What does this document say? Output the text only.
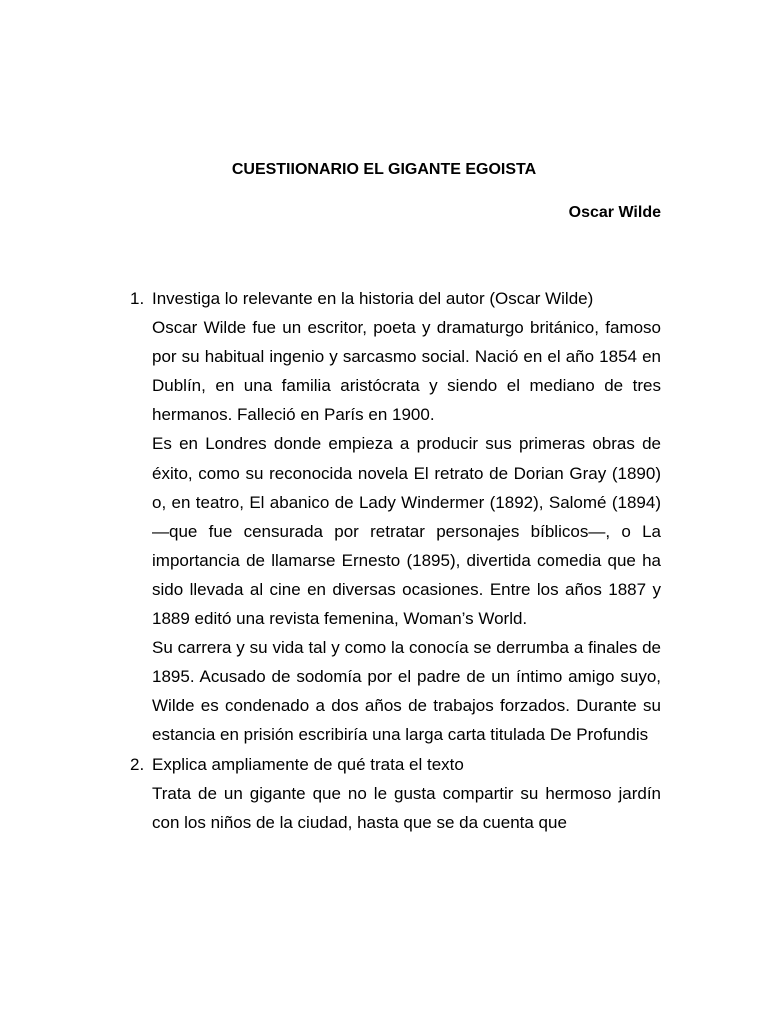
CUESTIIONARIO EL GIGANTE EGOISTA
Oscar Wilde
1. Investiga lo relevante en la historia del autor (Oscar Wilde)
Oscar Wilde fue un escritor, poeta y dramaturgo británico, famoso por su habitual ingenio y sarcasmo social. Nació en el año 1854 en Dublín, en una familia aristócrata y siendo el mediano de tres hermanos. Falleció en París en 1900.
Es en Londres donde empieza a producir sus primeras obras de éxito, como su reconocida novela El retrato de Dorian Gray (1890) o, en teatro, El abanico de Lady Windermer (1892), Salomé (1894) —que fue censurada por retratar personajes bíblicos—, o La importancia de llamarse Ernesto (1895), divertida comedia que ha sido llevada al cine en diversas ocasiones. Entre los años 1887 y 1889 editó una revista femenina, Woman’s World.
Su carrera y su vida tal y como la conocía se derrumba a finales de 1895. Acusado de sodomía por el padre de un íntimo amigo suyo, Wilde es condenado a dos años de trabajos forzados. Durante su estancia en prisión escribiría una larga carta titulada De Profundis
2. Explica ampliamente de qué trata el texto
Trata de un gigante que no le gusta compartir su hermoso jardín con los niños de la ciudad, hasta que se da cuenta que
